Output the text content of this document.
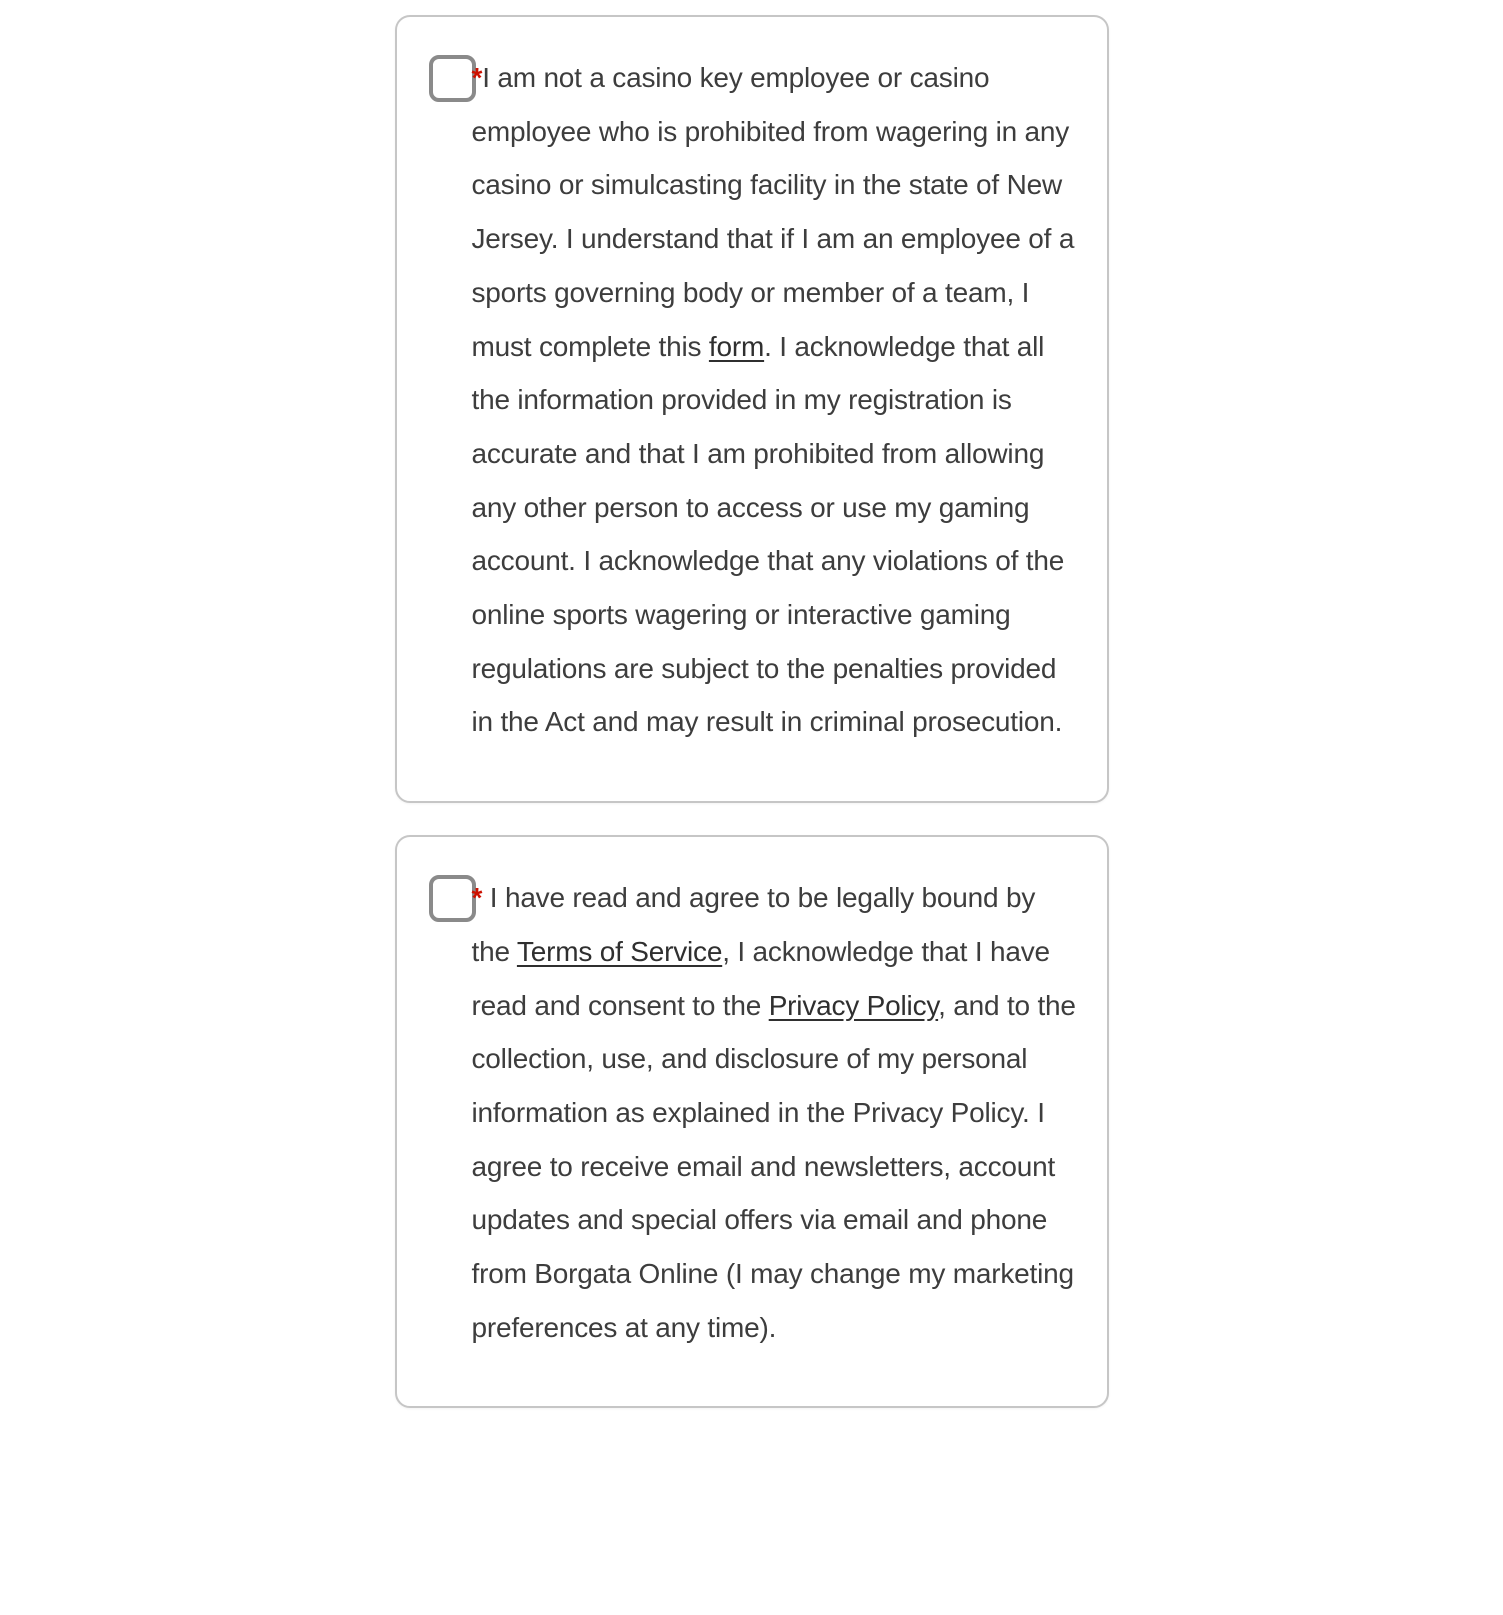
*I am not a casino key employee or casino employee who is prohibited from wagering in any casino or simulcasting facility in the state of New Jersey. I understand that if I am an employee of a sports governing body or member of a team, I must complete this form. I acknowledge that all the information provided in my registration is accurate and that I am prohibited from allowing any other person to access or use my gaming account. I acknowledge that any violations of the online sports wagering or interactive gaming regulations are subject to the penalties provided in the Act and may result in criminal prosecution.

* I have read and agree to be legally bound by the Terms of Service, I acknowledge that I have read and consent to the Privacy Policy, and to the collection, use, and disclosure of my personal information as explained in the Privacy Policy. I agree to receive email and newsletters, account updates and special offers via email and phone from Borgata Online (I may change my marketing preferences at any time).
